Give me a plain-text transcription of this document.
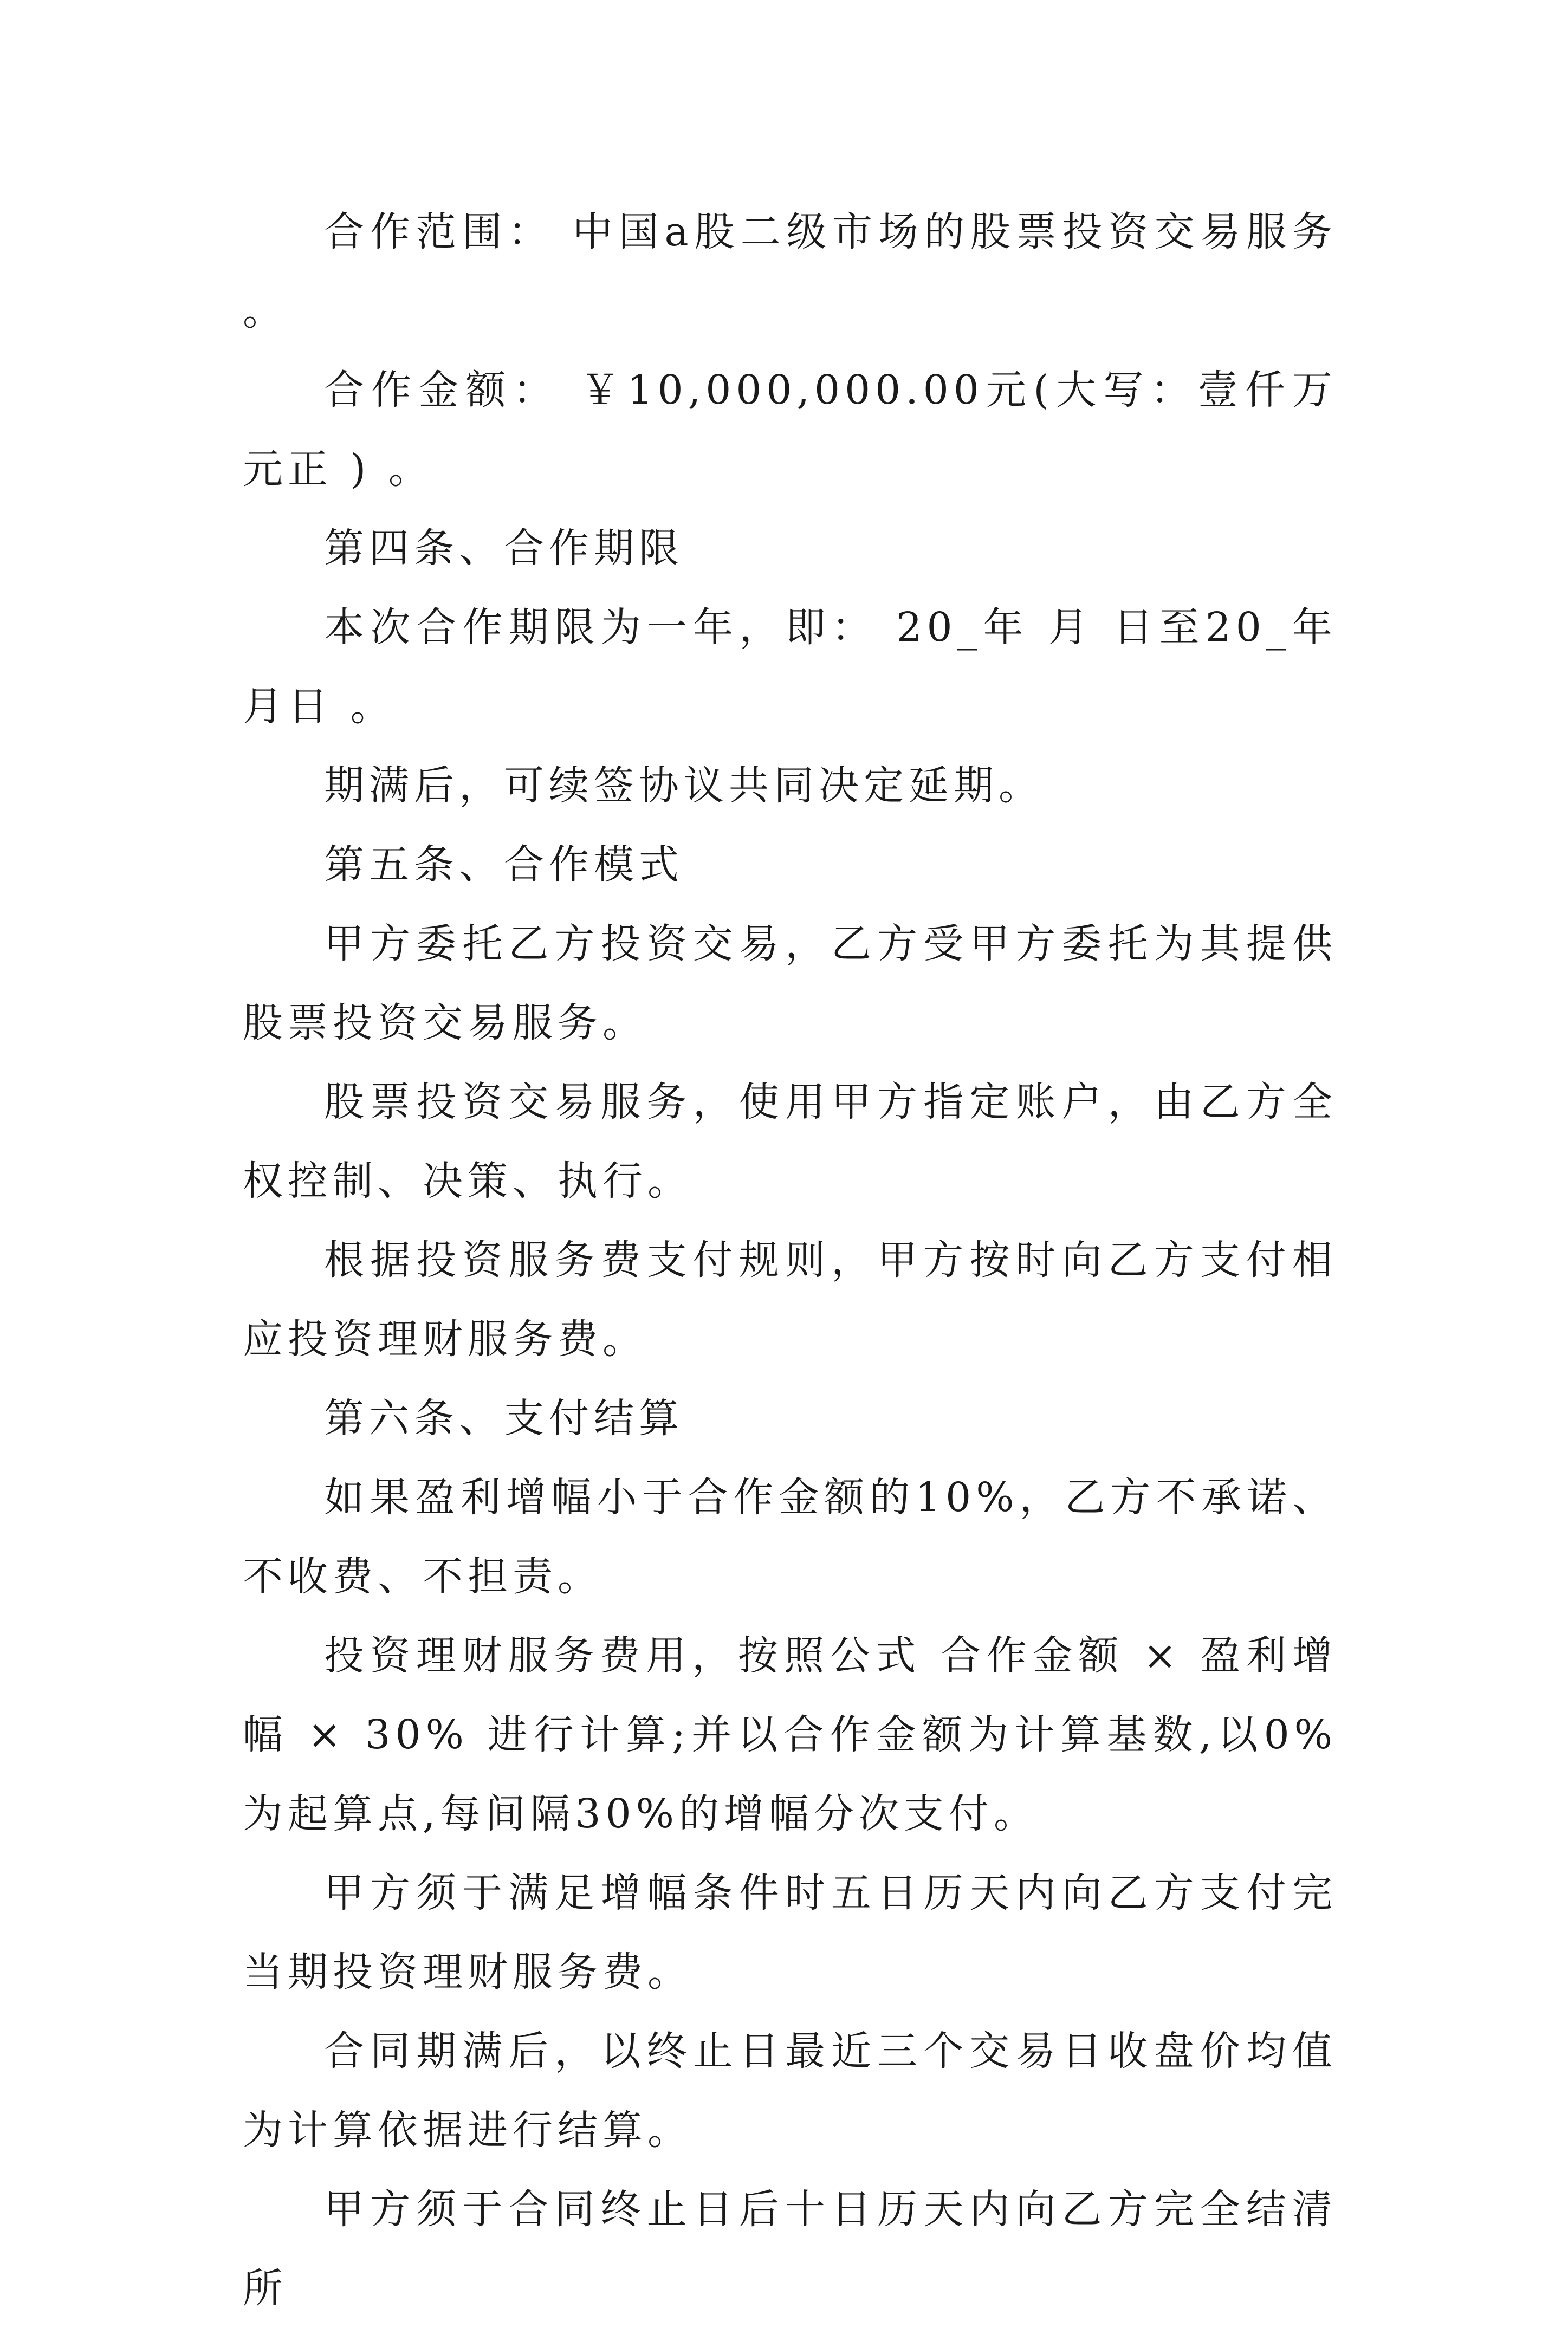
合作范围： 中国a股二级市场的股票投资交易服务 。

合作金额： ￥10,000,000.00元(大写：壹仟万元正 ) 。

第四条、合作期限

本次合作期限为一年，即： 20_年 月 日至20_年 月日 。

期满后，可续签协议共同决定延期。

第五条、合作模式

甲方委托乙方投资交易，乙方受甲方委托为其提供股票投资交易服务。

股票投资交易服务，使用甲方指定账户，由乙方全权控制、决策、执行。

根据投资服务费支付规则，甲方按时向乙方支付相应投资理财服务费。

第六条、支付结算

如果盈利增幅小于合作金额的10%，乙方不承诺、不收费、不担责。

投资理财服务费用，按照公式 合作金额 × 盈利增幅 × 30% 进行计算;并以合作金额为计算基数,以0%为起算点,每间隔30%的增幅分次支付。

甲方须于满足增幅条件时五日历天内向乙方支付完当期投资理财服务费。

合同期满后，以终止日最近三个交易日收盘价均值为计算依据进行结算。

甲方须于合同终止日后十日历天内向乙方完全结清所
